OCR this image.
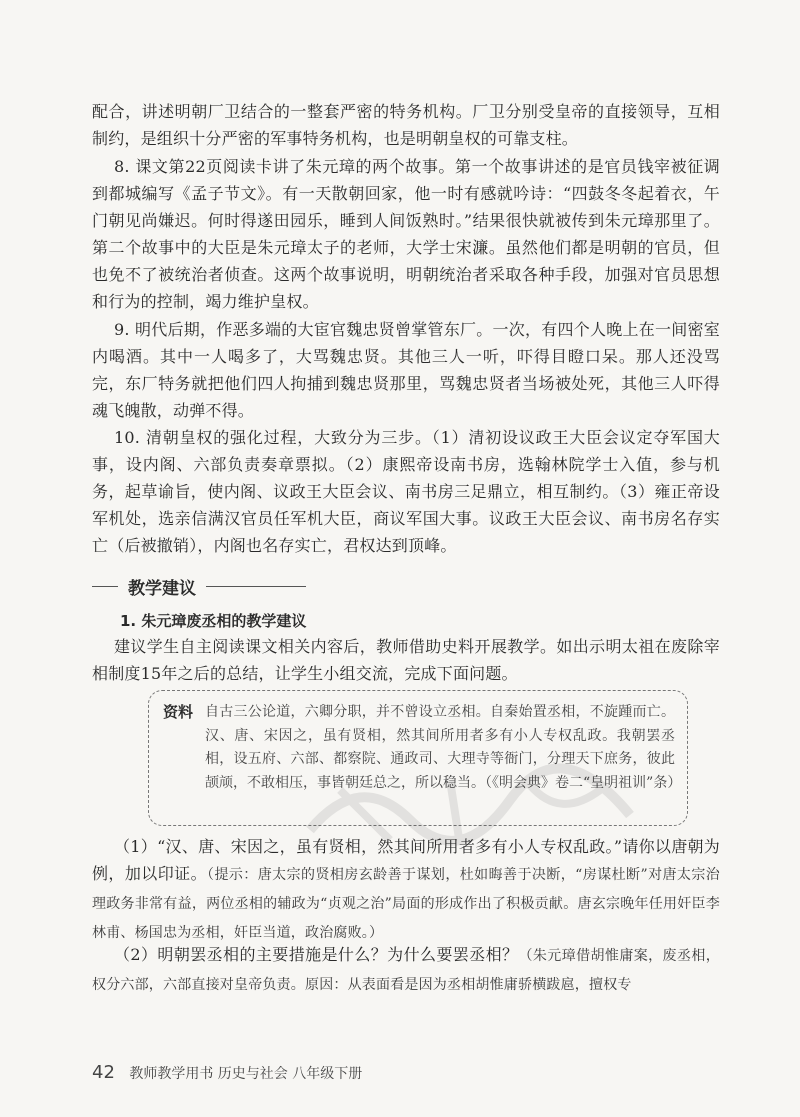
配合，讲述明朝厂卫结合的一整套严密的特务机构。厂卫分别受皇帝的直接领导，互相制约，是组织十分严密的军事特务机构，也是明朝皇权的可靠支柱。

8. 课文第22页阅读卡讲了朱元璋的两个故事。第一个故事讲述的是官员钱宰被征调到都城编写《孟子节文》。有一天散朝回家，他一时有感就吟诗：“四鼓冬冬起着衣，午门朝见尚嫌迟。何时得遂田园乐，睡到人间饭熟时。”结果很快就被传到朱元璋那里了。第二个故事中的大臣是朱元璋太子的老师，大学士宋濂。虽然他们都是明朝的官员，但也免不了被统治者侦查。这两个故事说明，明朝统治者采取各种手段，加强对官员思想和行为的控制，竭力维护皇权。

9. 明代后期，作恶多端的大宦官魏忠贤曾掌管东厂。一次，有四个人晚上在一间密室内喝酒。其中一人喝多了，大骂魏忠贤。其他三人一听，吓得目瞪口呆。那人还没骂完，东厂特务就把他们四人拘捕到魏忠贤那里，骂魏忠贤者当场被处死，其他三人吓得魂飞魄散，动弹不得。

10. 清朝皇权的强化过程，大致分为三步。（1）清初设议政王大臣会议定夺军国大事，设内阁、六部负责奏章票拟。（2）康熙帝设南书房，选翰林院学士入值，参与机务，起草谕旨，使内阁、议政王大臣会议、南书房三足鼎立，相互制约。（3）雍正帝设军机处，选亲信满汉官员任军机大臣，商议军国大事。议政王大臣会议、南书房名存实亡（后被撤销），内阁也名存实亡，君权达到顶峰。

教学建议
1. 朱元璋废丞相的教学建议

建议学生自主阅读课文相关内容后，教师借助史料开展教学。如出示明太祖在废除宰相制度15年之后的总结，让学生小组交流，完成下面问题。

资料 自古三公论道，六卿分职，并不曾设立丞相。自秦始置丞相，不旋踵而亡。汉、唐、宋因之，虽有贤相，然其间所用者多有小人专权乱政。我朝罢丞相，设五府、六部、都察院、通政司、大理寺等衙门，分理天下庶务，彼此颉颃，不敢相压，事皆朝廷总之，所以稳当。（《明会典》卷二“皇明祖训”条）

（1）“汉、唐、宋因之，虽有贤相，然其间所用者多有小人专权乱政。”请你以唐朝为例，加以印证。（提示：唐太宗的贤相房玄龄善于谋划，杜如晦善于决断，“房谋杜断”对唐太宗治理政务非常有益，两位丞相的辅政为“贞观之治”局面的形成作出了积极贡献。唐玄宗晚年任用奸臣李林甫、杨国忠为丞相，奸臣当道，政治腐败。）

（2）明朝罢丞相的主要措施是什么？为什么要罢丞相？（朱元璋借胡惟庸案，废丞相，权分六部，六部直接对皇帝负责。原因：从表面看是因为丞相胡惟庸骄横跋扈，擅权专

42 教师教学用书 历史与社会 八年级下册
